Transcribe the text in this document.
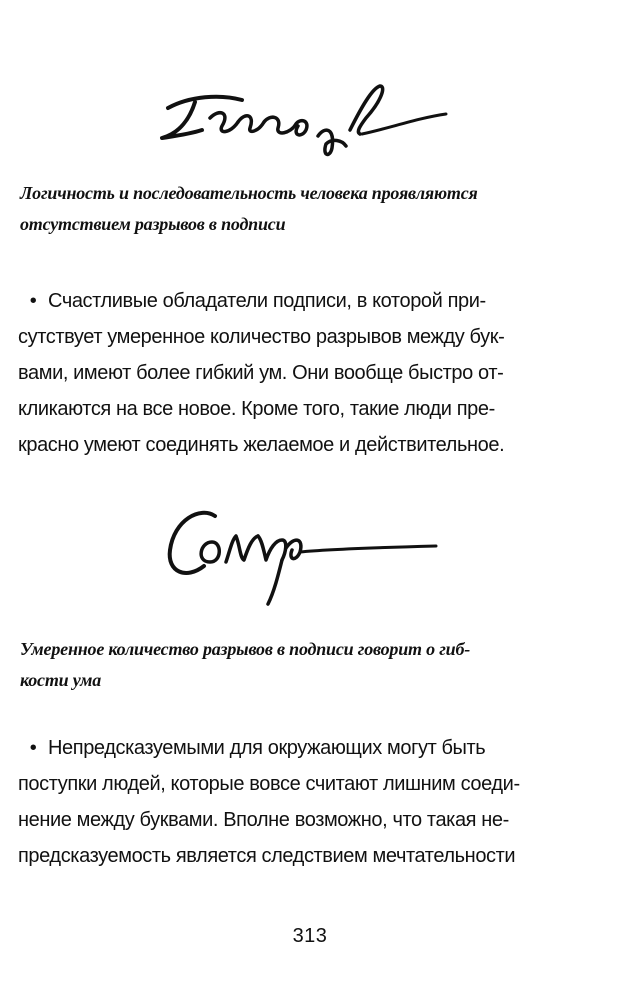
Логичность и последовательность человека проявляются
отсутствием разрывов в подписи
• Счастливые обладатели подписи, в которой при-
сутствует умеренное количество разрывов между бук-
вами, имеют более гибкий ум. Они вообще быстро от-
кликаются на все новое. Кроме того, такие люди пре-
красно умеют соединять желаемое и действительное.
Умеренное количество разрывов в подписи говорит о гиб-
кости ума
• Непредсказуемыми для окружающих могут быть
поступки людей, которые вовсе считают лишним соеди-
нение между буквами. Вполне возможно, что такая не-
предсказуемость является следствием мечтательности
313
